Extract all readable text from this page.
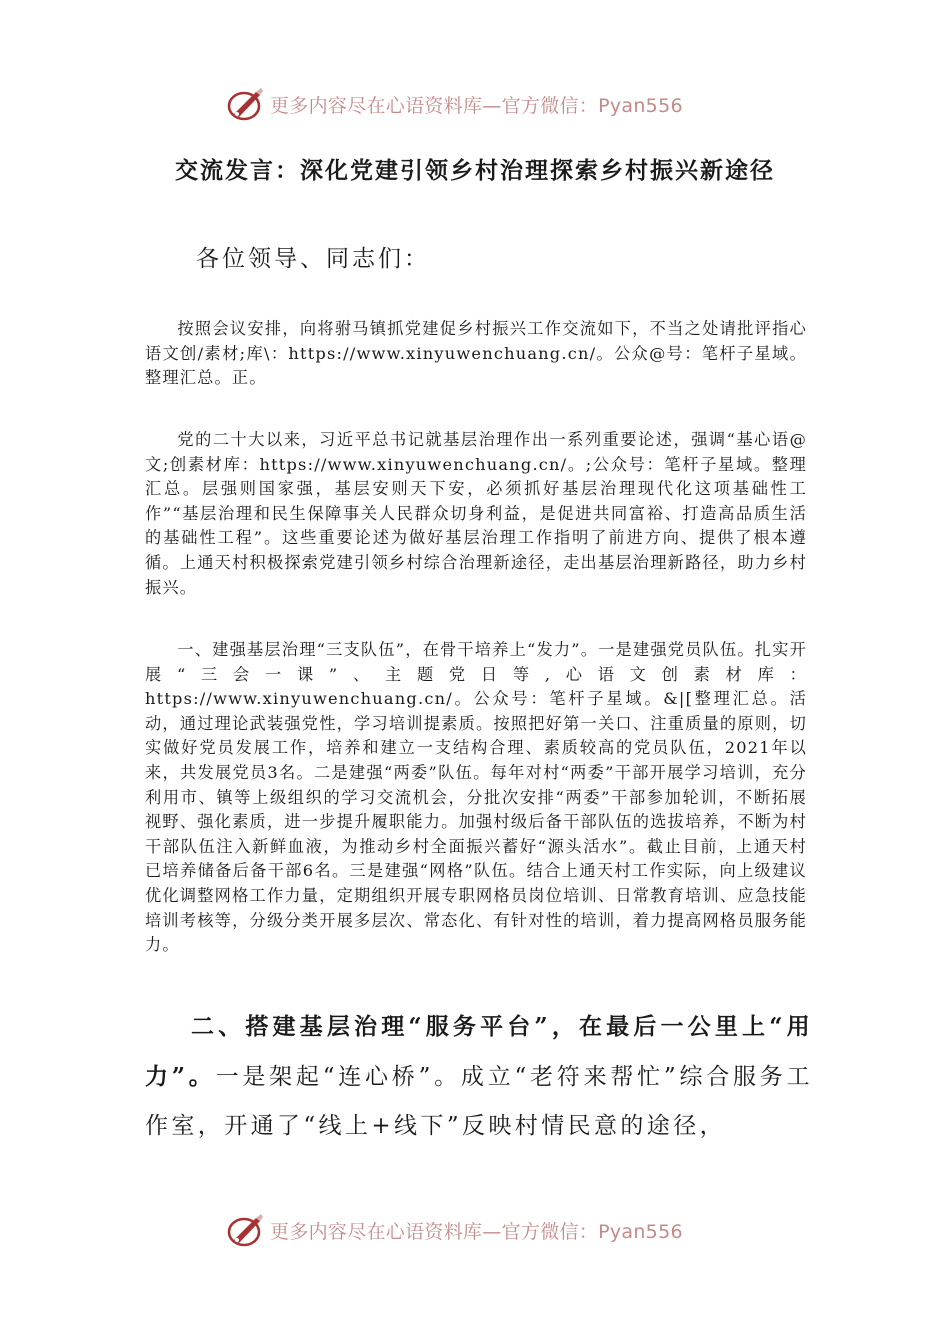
更多内容尽在心语资料库—官方微信：Pyan556
交流发言：深化党建引领乡村治理探索乡村振兴新途径

各位领导、同志们：

按照会议安排，向将驸马镇抓党建促乡村振兴工作交流如下，不当之处请批评指心语文创/素材;库\：https://www.xinyuwenchuang.cn/。公众@号：笔杆子星域。整理汇总。正。

党的二十大以来，习近平总书记就基层治理作出一系列重要论述，强调“基心语@文;创素材库：https://www.xinyuwenchuang.cn/。;公众号：笔杆子星域。整理汇总。层强则国家强，基层安则天下安，必须抓好基层治理现代化这项基础性工作”“基层治理和民生保障事关人民群众切身利益，是促进共同富裕、打造高品质生活的基础性工程”。这些重要论述为做好基层治理工作指明了前进方向、提供了根本遵循。上通天村积极探索党建引领乡村综合治理新途径，走出基层治理新路径，助力乡村振兴。

一、建强基层治理“三支队伍”，在骨干培养上“发力”。一是建强党员队伍。扎实开展“三会一课”、主题党日等,心语文创素材库：https://www.xinyuwenchuang.cn/。公众号：笔杆子星域。&|[整理汇总。活动，通过理论武装强党性，学习培训提素质。按照把好第一关口、注重质量的原则，切实做好党员发展工作，培养和建立一支结构合理、素质较高的党员队伍，2021年以来，共发展党员3名。二是建强“两委”队伍。每年对村“两委”干部开展学习培训，充分利用市、镇等上级组织的学习交流机会，分批次安排“两委”干部参加轮训，不断拓展视野、强化素质，进一步提升履职能力。加强村级后备干部队伍的选拔培养，不断为村干部队伍注入新鲜血液，为推动乡村全面振兴蓄好“源头活水”。截止目前，上通天村已培养储备后备干部6名。三是建强“网格”队伍。结合上通天村工作实际，向上级建议优化调整网格工作力量，定期组织开展专职网格员岗位培训、日常教育培训、应急技能培训考核等，分级分类开展多层次、常态化、有针对性的培训，着力提高网格员服务能力。

二、搭建基层治理“服务平台”，在最后一公里上“用力”。一是架起“连心桥”。成立“老符来帮忙”综合服务工作室，开通了“线上+线下”反映村情民意的途径，

更多内容尽在心语资料库—官方微信：Pyan556
